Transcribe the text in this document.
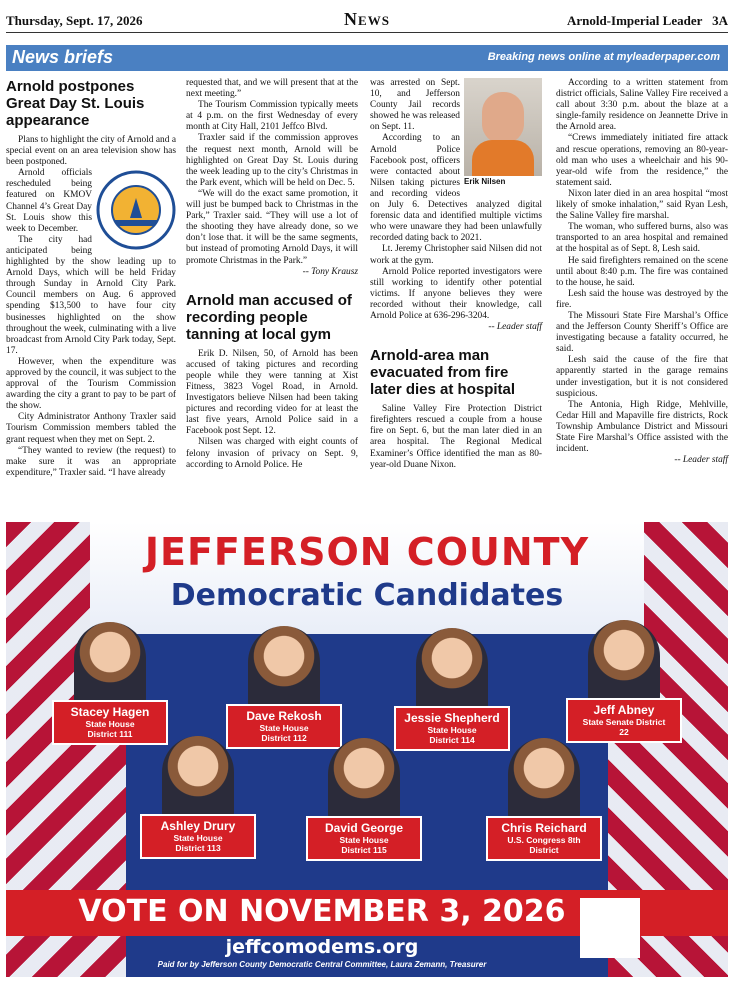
Thursday, Sept. 17, 2026	News	Arnold-Imperial Leader 3A
News briefs	Breaking news online at myleaderpaper.com
Arnold postpones Great Day St. Louis appearance

Plans to highlight the city of Arnold and a special event on an area television show has been postponed.

Arnold officials rescheduled being featured on KMOV Channel 4’s Great Day St. Louis show this week to December.

The city had anticipated being highlighted by the show leading up to Arnold Days, which will be held Friday through Sunday in Arnold City Park. Council members on Aug. 6 approved spending $13,500 to have four city businesses highlighted on the show throughout the week, culminating with a live broadcast from Arnold City Park today, Sept. 17.

However, when the expenditure was approved by the council, it was subject to the approval of the Tourism Commission awarding the city a grant to pay to be part of the show.

City Administrator Anthony Traxler said Tourism Commission members tabled the grant request when they met on Sept. 2.

“They wanted to review (the request) to make sure it was an appropriate expenditure,” Traxler said. “I have already

requested that, and we will present that at the next meeting.”

The Tourism Commission typically meets at 4 p.m. on the first Wednesday of every month at City Hall, 2101 Jeffco Blvd.

Traxler said if the commission approves the request next month, Arnold will be highlighted on Great Day St. Louis during the week leading up to the city’s Christmas in the Park event, which will be held on Dec. 5.

“We will do the exact same promotion, it will just be bumped back to Christmas in the Park,” Traxler said. “They will use a lot of the shooting they have already done, so we don’t lose that. it will be the same segments, but instead of promoting Arnold Days, it will promote Christmas in the Park.”

-- Tony Krausz
Arnold man accused of recording people tanning at local gym

Erik D. Nilsen, 50, of Arnold has been accused of taking pictures and recording people while they were tanning at Xist Fitness, 3823 Vogel Road, in Arnold. Investigators believe Nilsen had been taking pictures and recording video for at least the last five years, Arnold Police said in a Facebook post Sept. 12.

Nilsen was charged with eight counts of felony invasion of privacy on Sept. 9, according to Arnold Police. He

Erik Nilsen

was arrested on Sept. 10, and Jefferson County Jail records showed he was released on Sept. 11.

According to an Arnold Police Facebook post, officers were contacted about Nilsen taking pictures and recording videos on July 6. Detectives analyzed digital forensic data and identified multiple victims who were unaware they had been unlawfully recorded dating back to 2021.

Lt. Jeremy Christopher said Nilsen did not work at the gym.

Arnold Police reported investigators were still working to identify other potential victims. If anyone believes they were recorded without their knowledge, call Arnold Police at 636-296-3204.

-- Leader staff
Arnold-area man evacuated from fire later dies at hospital

Saline Valley Fire Protection District firefighters rescued a couple from a house fire on Sept. 6, but the man later died in an area hospital. The Regional Medical Examiner’s Office identified the man as 80-year-old Duane Nixon.

According to a written statement from district officials, Saline Valley Fire received a call about 3:30 p.m. about the blaze at a single-family residence on Jeannette Drive in the Arnold area.

“Crews immediately initiated fire attack and rescue operations, removing an 80-year-old man who uses a wheelchair and his 90-year-old wife from the residence,” the statement said.

Nixon later died in an area hospital “most likely of smoke inhalation,” said Ryan Lesh, the Saline Valley fire marshal.

The woman, who suffered burns, also was transported to an area hospital and remained at the hospital as of Sept. 8, Lesh said.

He said firefighters remained on the scene until about 8:40 p.m. The fire was contained to the house, he said.

Lesh said the house was destroyed by the fire.

The Missouri State Fire Marshal’s Office and the Jefferson County Sheriff’s Office are investigating because a fatality occurred, he said.

Lesh said the cause of the fire that apparently started in the garage remains under investigation, but it is not considered suspicious.

The Antonia, High Ridge, Mehlville, Cedar Hill and Mapaville fire districts, Rock Township Ambulance District and Missouri State Fire Marshal’s Office assisted with the incident.

-- Leader staff
JEFFERSON COUNTY
Democratic Candidates
Stacey Hagen
State House
District 111
Dave Rekosh
State House
District 112
Jessie Shepherd
State House
District 114
Jeff Abney
State Senate District
22
Ashley Drury
State House
District 113
David George
State House
District 115
Chris Reichard
U.S. Congress 8th
District
VOTE ON NOVEMBER 3, 2026
jeffcomodems.org
Paid for by Jefferson County Democratic Central Committee, Laura Zemann, Treasurer
